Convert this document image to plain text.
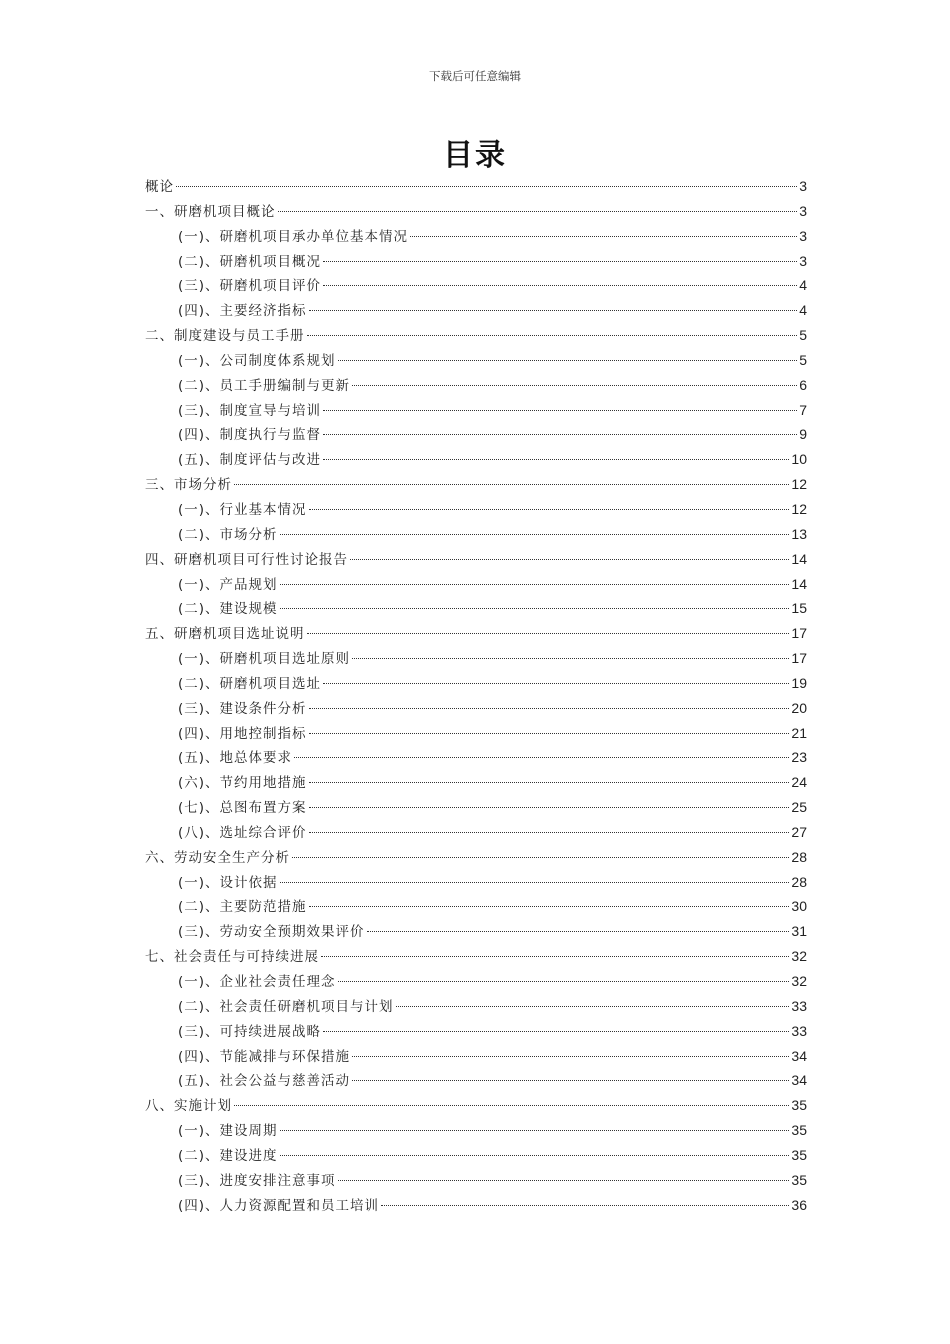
下载后可任意编辑
目录
概论	3
一、研磨机项目概论	3
(一)、研磨机项目承办单位基本情况	3
(二)、研磨机项目概况	3
(三)、研磨机项目评价	4
(四)、主要经济指标	4
二、制度建设与员工手册	5
(一)、公司制度体系规划	5
(二)、员工手册编制与更新	6
(三)、制度宣导与培训	7
(四)、制度执行与监督	9
(五)、制度评估与改进	10
三、市场分析	12
(一)、行业基本情况	12
(二)、市场分析	13
四、研磨机项目可行性讨论报告	14
(一)、产品规划	14
(二)、建设规模	15
五、研磨机项目选址说明	17
(一)、研磨机项目选址原则	17
(二)、研磨机项目选址	19
(三)、建设条件分析	20
(四)、用地控制指标	21
(五)、地总体要求	23
(六)、节约用地措施	24
(七)、总图布置方案	25
(八)、选址综合评价	27
六、劳动安全生产分析	28
(一)、设计依据	28
(二)、主要防范措施	30
(三)、劳动安全预期效果评价	31
七、社会责任与可持续进展	32
(一)、企业社会责任理念	32
(二)、社会责任研磨机项目与计划	33
(三)、可持续进展战略	33
(四)、节能减排与环保措施	34
(五)、社会公益与慈善活动	34
八、实施计划	35
(一)、建设周期	35
(二)、建设进度	35
(三)、进度安排注意事项	35
(四)、人力资源配置和员工培训	36
